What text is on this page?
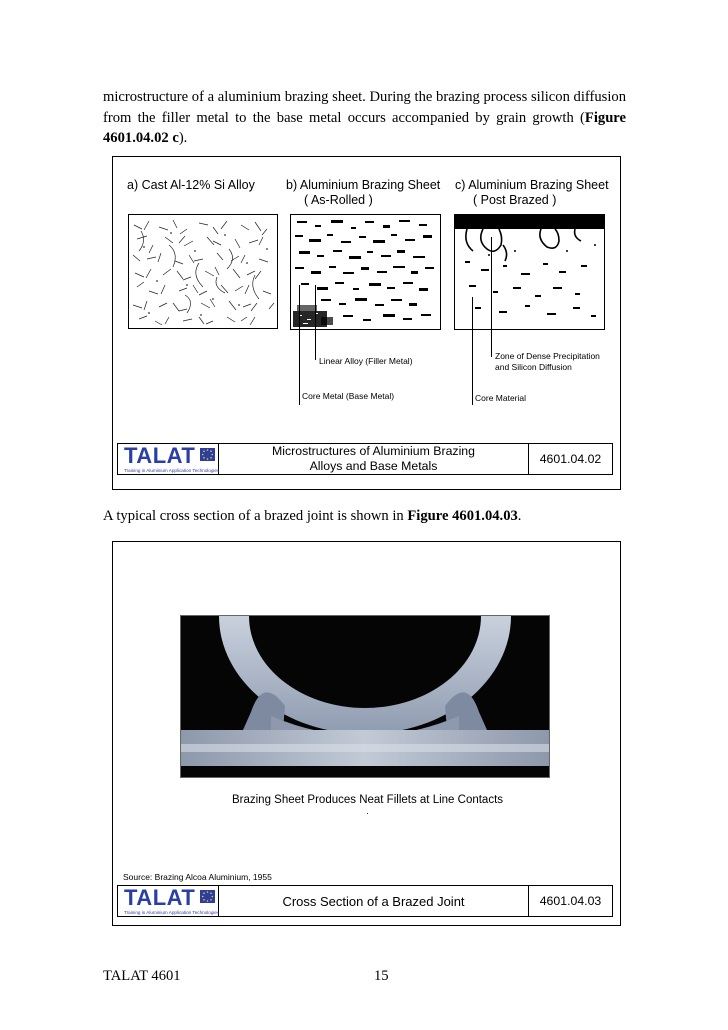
microstructure of a aluminium brazing sheet. During the brazing process silicon diffusion from the filler metal to the base metal occurs accompanied by grain growth (Figure 4601.04.02 c).

a) Cast Al-12% Si Alloy b) Aluminium Brazing Sheet
( As-Rolled )
c) Aluminium Brazing Sheet
( Post Brazed )
Linear Alloy (Filler Metal)	Zone of Dense Precipitation
and Silicon Diffusion
Core Metal (Base Metal)	Core Material
TALAT
Training in Aluminium Application Technologies
Microstructures of Aluminium Brazing
Alloys and Base Metals	4601.04.02

A typical cross section of a brazed joint is shown in Figure 4601.04.03.

Brazing Sheet Produces Neat Fillets at Line Contacts
.
Source: Brazing Alcoa Aluminium, 1955
TALAT
Training in Aluminium Application Technologies
Cross Section of a Brazed Joint	4601.04.03
TALAT 4601	15
